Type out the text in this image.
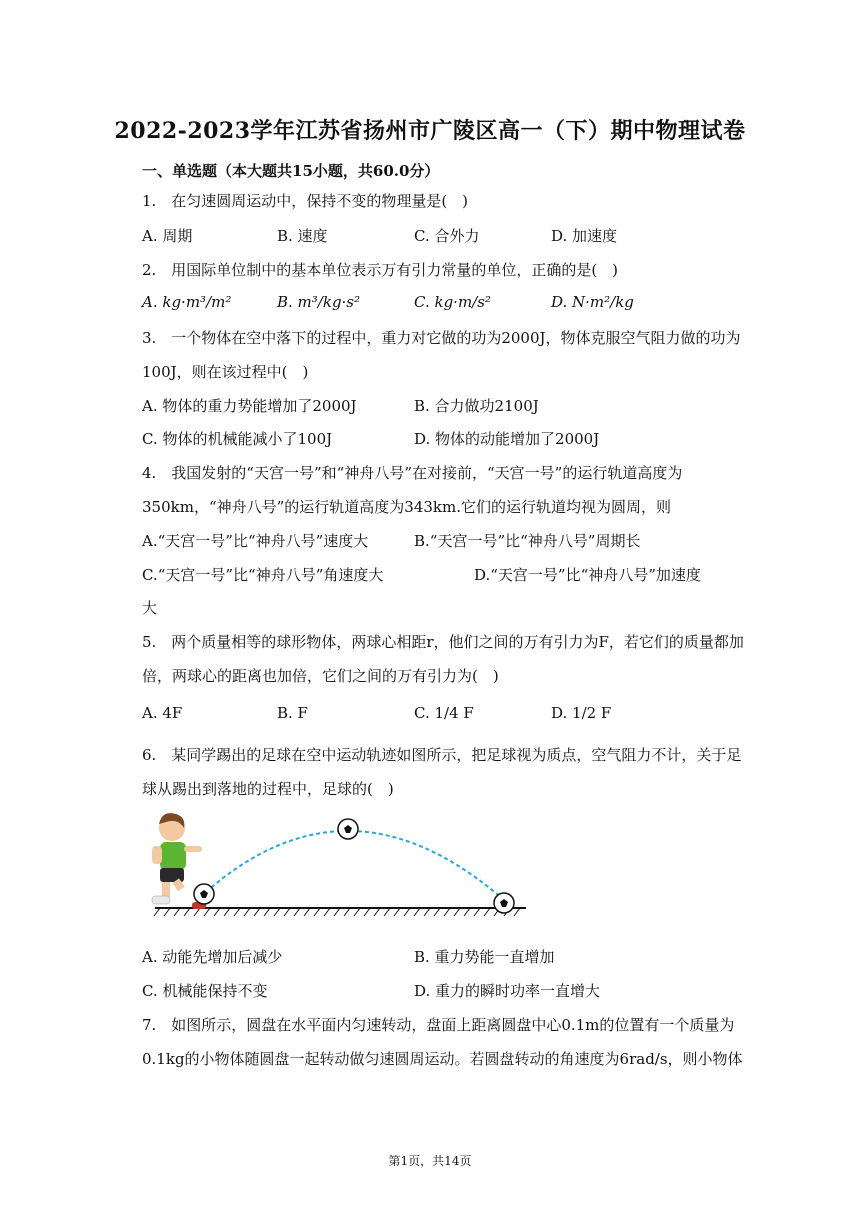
2022-2023学年江苏省扬州市广陵区高一（下）期中物理试卷
一、单选题（本大题共15小题，共60.0分）
1.　在匀速圆周运动中，保持不变的物理量是(　)
A. 周期	B. 速度	C. 合外力	D. 加速度
2.　用国际单位制中的基本单位表示万有引力常量的单位，正确的是(　)
A. kg·m³/m²	B. m³/kg·s²	C. kg·m/s²	D. N·m²/kg
3.　一个物体在空中落下的过程中，重力对它做的功为2000J，物体克服空气阻力做的功为
100J，则在该过程中(　)
A. 物体的重力势能增加了2000J	B. 合力做功2100J
C. 物体的机械能减小了100J	D. 物体的动能增加了2000J
4.　我国发射的“天宫一号”和“神舟八号”在对接前，“天宫一号”的运行轨道高度为
350km，“神舟八号”的运行轨道高度为343km.它们的运行轨道均视为圆周，则
A.“天宫一号”比“神舟八号”速度大	B.“天宫一号”比“神舟八号”周期长
C.“天宫一号”比“神舟八号”角速度大	D.“天宫一号”比“神舟八号”加速度
大
5.　两个质量相等的球形物体，两球心相距r，他们之间的万有引力为F，若它们的质量都加
倍，两球心的距离也加倍，它们之间的万有引力为(　)
A. 4F	B. F	C. 1/4 F	D. 1/2 F
6.　某同学踢出的足球在空中运动轨迹如图所示，把足球视为质点，空气阻力不计，关于足
球从踢出到落地的过程中，足球的(　)
A. 动能先增加后减少	B. 重力势能一直增加
C. 机械能保持不变	D. 重力的瞬时功率一直增大
7.　如图所示，圆盘在水平面内匀速转动，盘面上距离圆盘中心0.1m的位置有一个质量为
0.1kg的小物体随圆盘一起转动做匀速圆周运动。若圆盘转动的角速度为6rad/s，则小物体
第1页，共14页
